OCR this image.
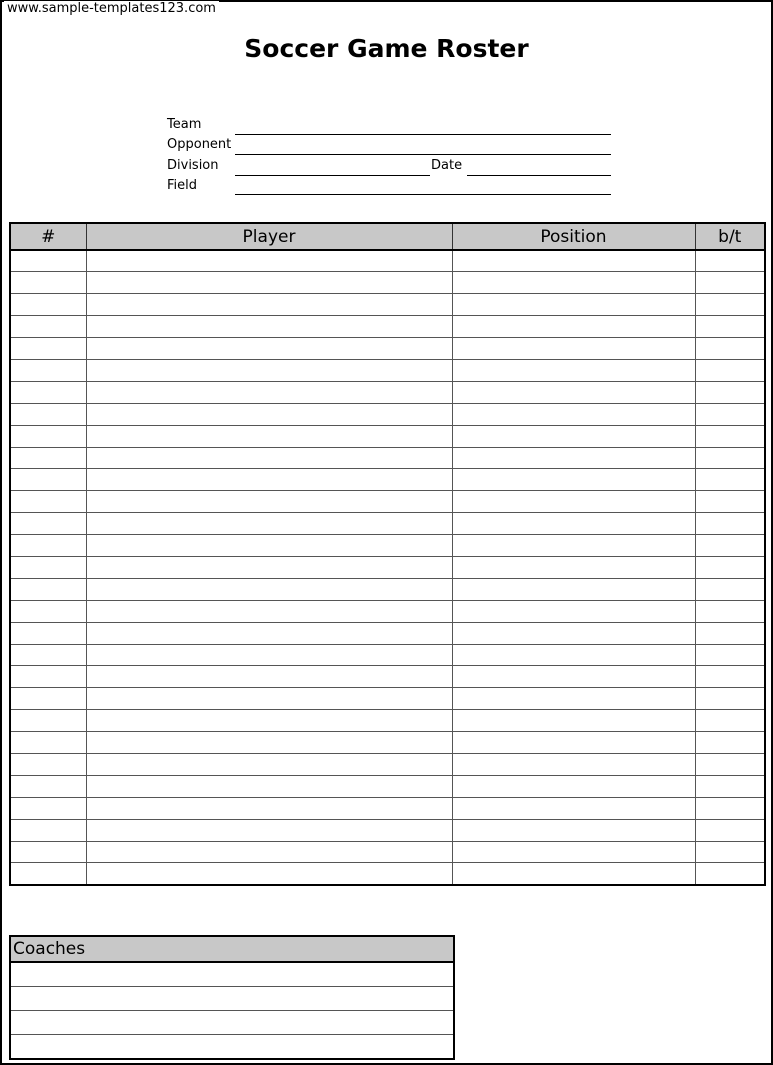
www.sample-templates123.com
Soccer Game Roster
Team
Opponent
Division	Date
Field
#	Player	Position	b/t

Coaches
